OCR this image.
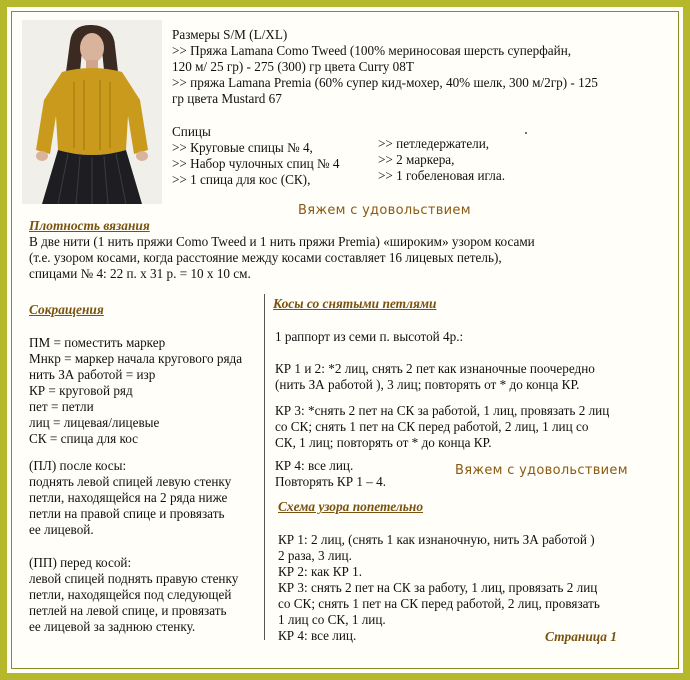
Размеры S/M (L/XL)
>> Пряжа Lamana Como Tweed (100% мериносовая шерсть суперфайн,
120 м/ 25 гр) - 275 (300) гр цвета Curry 08T
>> пряжа Lamana Premia (60% супер кид-мохер, 40% шелк, 300 м/2гр) - 125
гр цвета Mustard 67
Спицы
>> Круговые спицы № 4,
>> Набор чулочных спиц № 4
>> 1 спица для кос (СК),
>> петледержатели,
>> 2 маркера,
>> 1 гобеленовая игла.
Вяжем с удовольствием
Плотность вязания
В две нити (1 нить пряжи Como Tweed и 1 нить пряжи Premia) «широким» узором косами
(т.е. узором косами, когда расстояние между косами составляет 16 лицевых петель),
спицами № 4: 22 п. х 31 р. = 10 х 10 см.
Сокращения
ПМ = поместить маркер
Мнкр = маркер начала кругового ряда
нить ЗА работой = изр
КР = круговой ряд
пет = петли
лиц = лицевая/лицевые
СК = спица для кос
(ПЛ) после косы:
поднять левой спицей левую стенку
петли, находящейся на 2 ряда ниже
петли на правой спице и провязать
ее лицевой.
(ПП) перед косой:
левой спицей поднять правую стенку
петли, находящейся под следующей
петлей на левой спице, и провязать
ее лицевой за заднюю стенку.
Косы со снятыми петлями
1 раппорт из семи п. высотой 4р.:
КР 1 и 2: *2 лиц, снять 2 пет как изнаночные поочередно
(нить ЗА работой ), 3 лиц; повторять от * до конца КР.
КР 3: *снять 2 пет на СК за работой, 1 лиц, провязать 2 лиц
со СК; снять 1 пет на СК перед работой, 2 лиц, 1 лиц со
СК, 1 лиц; повторять от * до конца КР.
КР 4: все лиц.
Повторять КР 1 – 4.
Вяжем с удовольствием
Схема узора попетельно
КР 1: 2 лиц, (снять 1 как изнаночную, нить ЗА работой )
2 раза, 3 лиц.
КР 2: как КР 1.
КР 3: снять 2 пет на СК за работу, 1 лиц, провязать 2 лиц
со СК; снять 1 пет на СК перед работой, 2 лиц, провязать
1 лиц со СК, 1 лиц.
КР 4: все лиц.	Страница 1
